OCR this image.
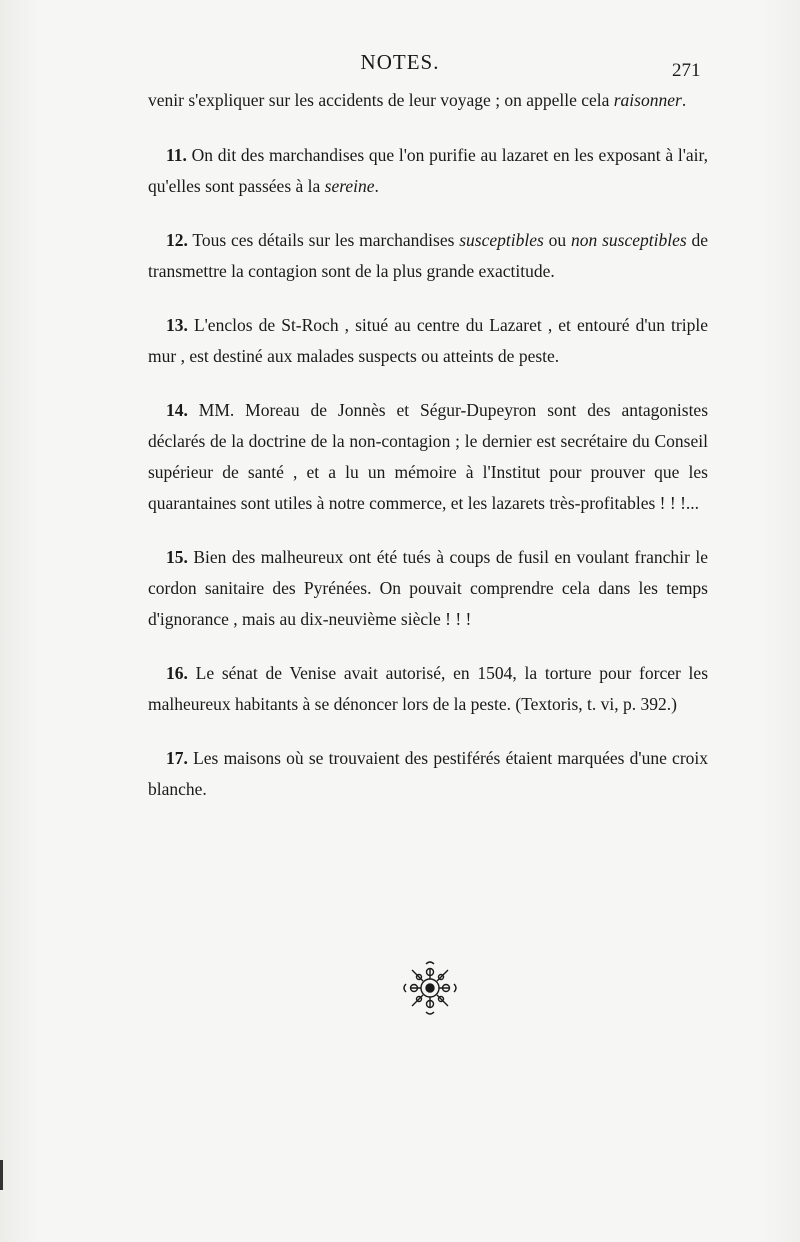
NOTES.	271

venir s'expliquer sur les accidents de leur voyage ; on appelle cela raisonner.

11. On dit des marchandises que l'on purifie au lazaret en les exposant à l'air, qu'elles sont passées à la sereine.

12. Tous ces détails sur les marchandises susceptibles ou non susceptibles de transmettre la contagion sont de la plus grande exactitude.

13. L'enclos de St-Roch , situé au centre du Lazaret , et entouré d'un triple mur , est destiné aux malades suspects ou atteints de peste.

14. MM. Moreau de Jonnès et Ségur-Dupeyron sont des antagonistes déclarés de la doctrine de la non-contagion ; le dernier est secrétaire du Conseil supérieur de santé , et a lu un mémoire à l'Institut pour prouver que les quarantaines sont utiles à notre commerce, et les lazarets très-profitables ! ! !...

15. Bien des malheureux ont été tués à coups de fusil en voulant franchir le cordon sanitaire des Pyrénées. On pouvait comprendre cela dans les temps d'ignorance , mais au dix-neuvième siècle ! ! !

16. Le sénat de Venise avait autorisé, en 1504, la torture pour forcer les malheureux habitants à se dénoncer lors de la peste. (Textoris, t. vi, p. 392.)

17. Les maisons où se trouvaient des pestiférés étaient marquées d'une croix blanche.
